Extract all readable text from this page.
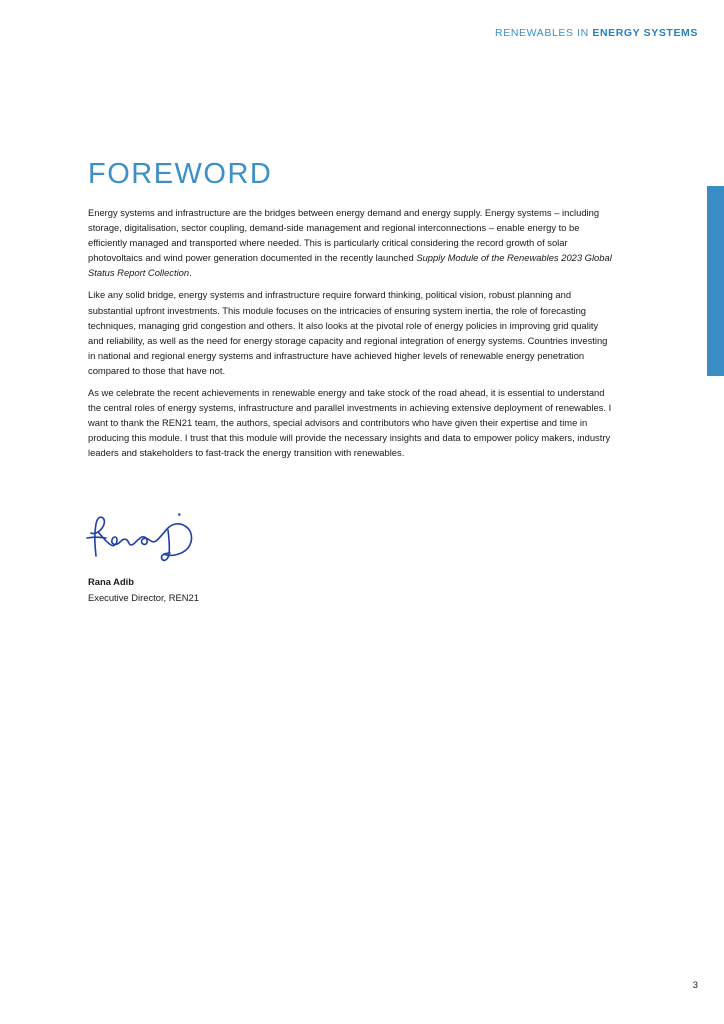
RENEWABLES IN ENERGY SYSTEMS
FOREWORD

Energy systems and infrastructure are the bridges between energy demand and energy supply. Energy systems – including storage, digitalisation, sector coupling, demand-side management and regional interconnections – enable energy to be efficiently managed and transported where needed. This is particularly critical considering the record growth of solar photovoltaics and wind power generation documented in the recently launched Supply Module of the Renewables 2023 Global Status Report Collection.

Like any solid bridge, energy systems and infrastructure require forward thinking, political vision, robust planning and substantial upfront investments. This module focuses on the intricacies of ensuring system inertia, the role of forecasting techniques, managing grid congestion and others. It also looks at the pivotal role of energy policies in improving grid quality and reliability, as well as the need for energy storage capacity and regional integration of energy systems. Countries investing in national and regional energy systems and infrastructure have achieved higher levels of renewable energy penetration compared to those that have not.

As we celebrate the recent achievements in renewable energy and take stock of the road ahead, it is essential to understand the central roles of energy systems, infrastructure and parallel investments in achieving extensive deployment of renewables. I want to thank the REN21 team, the authors, special advisors and contributors who have given their expertise and time in producing this module. I trust that this module will provide the necessary insights and data to empower policy makers, industry leaders and stakeholders to fast-track the energy transition with renewables.

Rana Adib
Executive Director, REN21
3
